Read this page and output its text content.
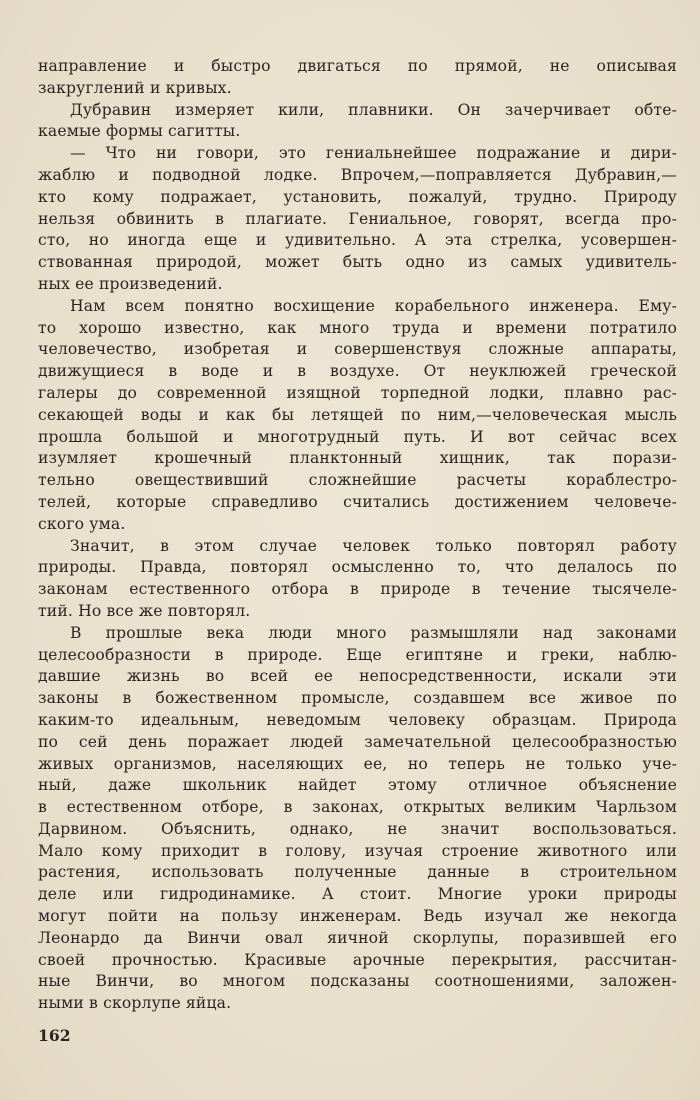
направление и быстро двигаться по прямой, не описывая
закруглений и кривых.
Дубравин измеряет кили, плавники. Он зачерчивает обте-
каемые формы сагитты.
— Что ни говори, это гениальнейшее подражание и дири-
жаблю и подводной лодке. Впрочем,—поправляется Дубравин,—
кто кому подражает, установить, пожалуй, трудно. Природу
нельзя обвинить в плагиате. Гениальное, говорят, всегда про-
сто, но иногда еще и удивительно. А эта стрелка, усовершен-
ствованная природой, может быть одно из самых удивитель-
ных ее произведений.
Нам всем понятно восхищение корабельного инженера. Ему-
то хорошо известно, как много труда и времени потратило
человечество, изобретая и совершенствуя сложные аппараты,
движущиеся в воде и в воздухе. От неуклюжей греческой
галеры до современной изящной торпедной лодки, плавно рас-
секающей воды и как бы летящей по ним,—человеческая мысль
прошла большой и многотрудный путь. И вот сейчас всех
изумляет крошечный планктонный хищник, так порази-
тельно овеществивший сложнейшие расчеты кораблестро-
телей, которые справедливо считались достижением человече-
ского ума.
Значит, в этом случае человек только повторял работу
природы. Правда, повторял осмысленно то, что делалось по
законам естественного отбора в природе в течение тысячеле-
тий. Но все же повторял.
В прошлые века люди много размышляли над законами
целесообразности в природе. Еще египтяне и греки, наблю-
давшие жизнь во всей ее непосредственности, искали эти
законы в божественном промысле, создавшем все живое по
каким-то идеальным, неведомым человеку образцам. Природа
по сей день поражает людей замечательной целесообразностью
живых организмов, населяющих ее, но теперь не только уче-
ный, даже школьник найдет этому отличное объяснение
в естественном отборе, в законах, открытых великим Чарльзом
Дарвином. Объяснить, однако, не значит воспользоваться.
Мало кому приходит в голову, изучая строение животного или
растения, использовать полученные данные в строительном
деле или гидродинамике. А стоит. Многие уроки природы
могут пойти на пользу инженерам. Ведь изучал же некогда
Леонардо да Винчи овал яичной скорлупы, поразившей его
своей прочностью. Красивые арочные перекрытия, рассчитан-
ные Винчи, во многом подсказаны соотношениями, заложен-
ными в скорлупе яйца.
162
